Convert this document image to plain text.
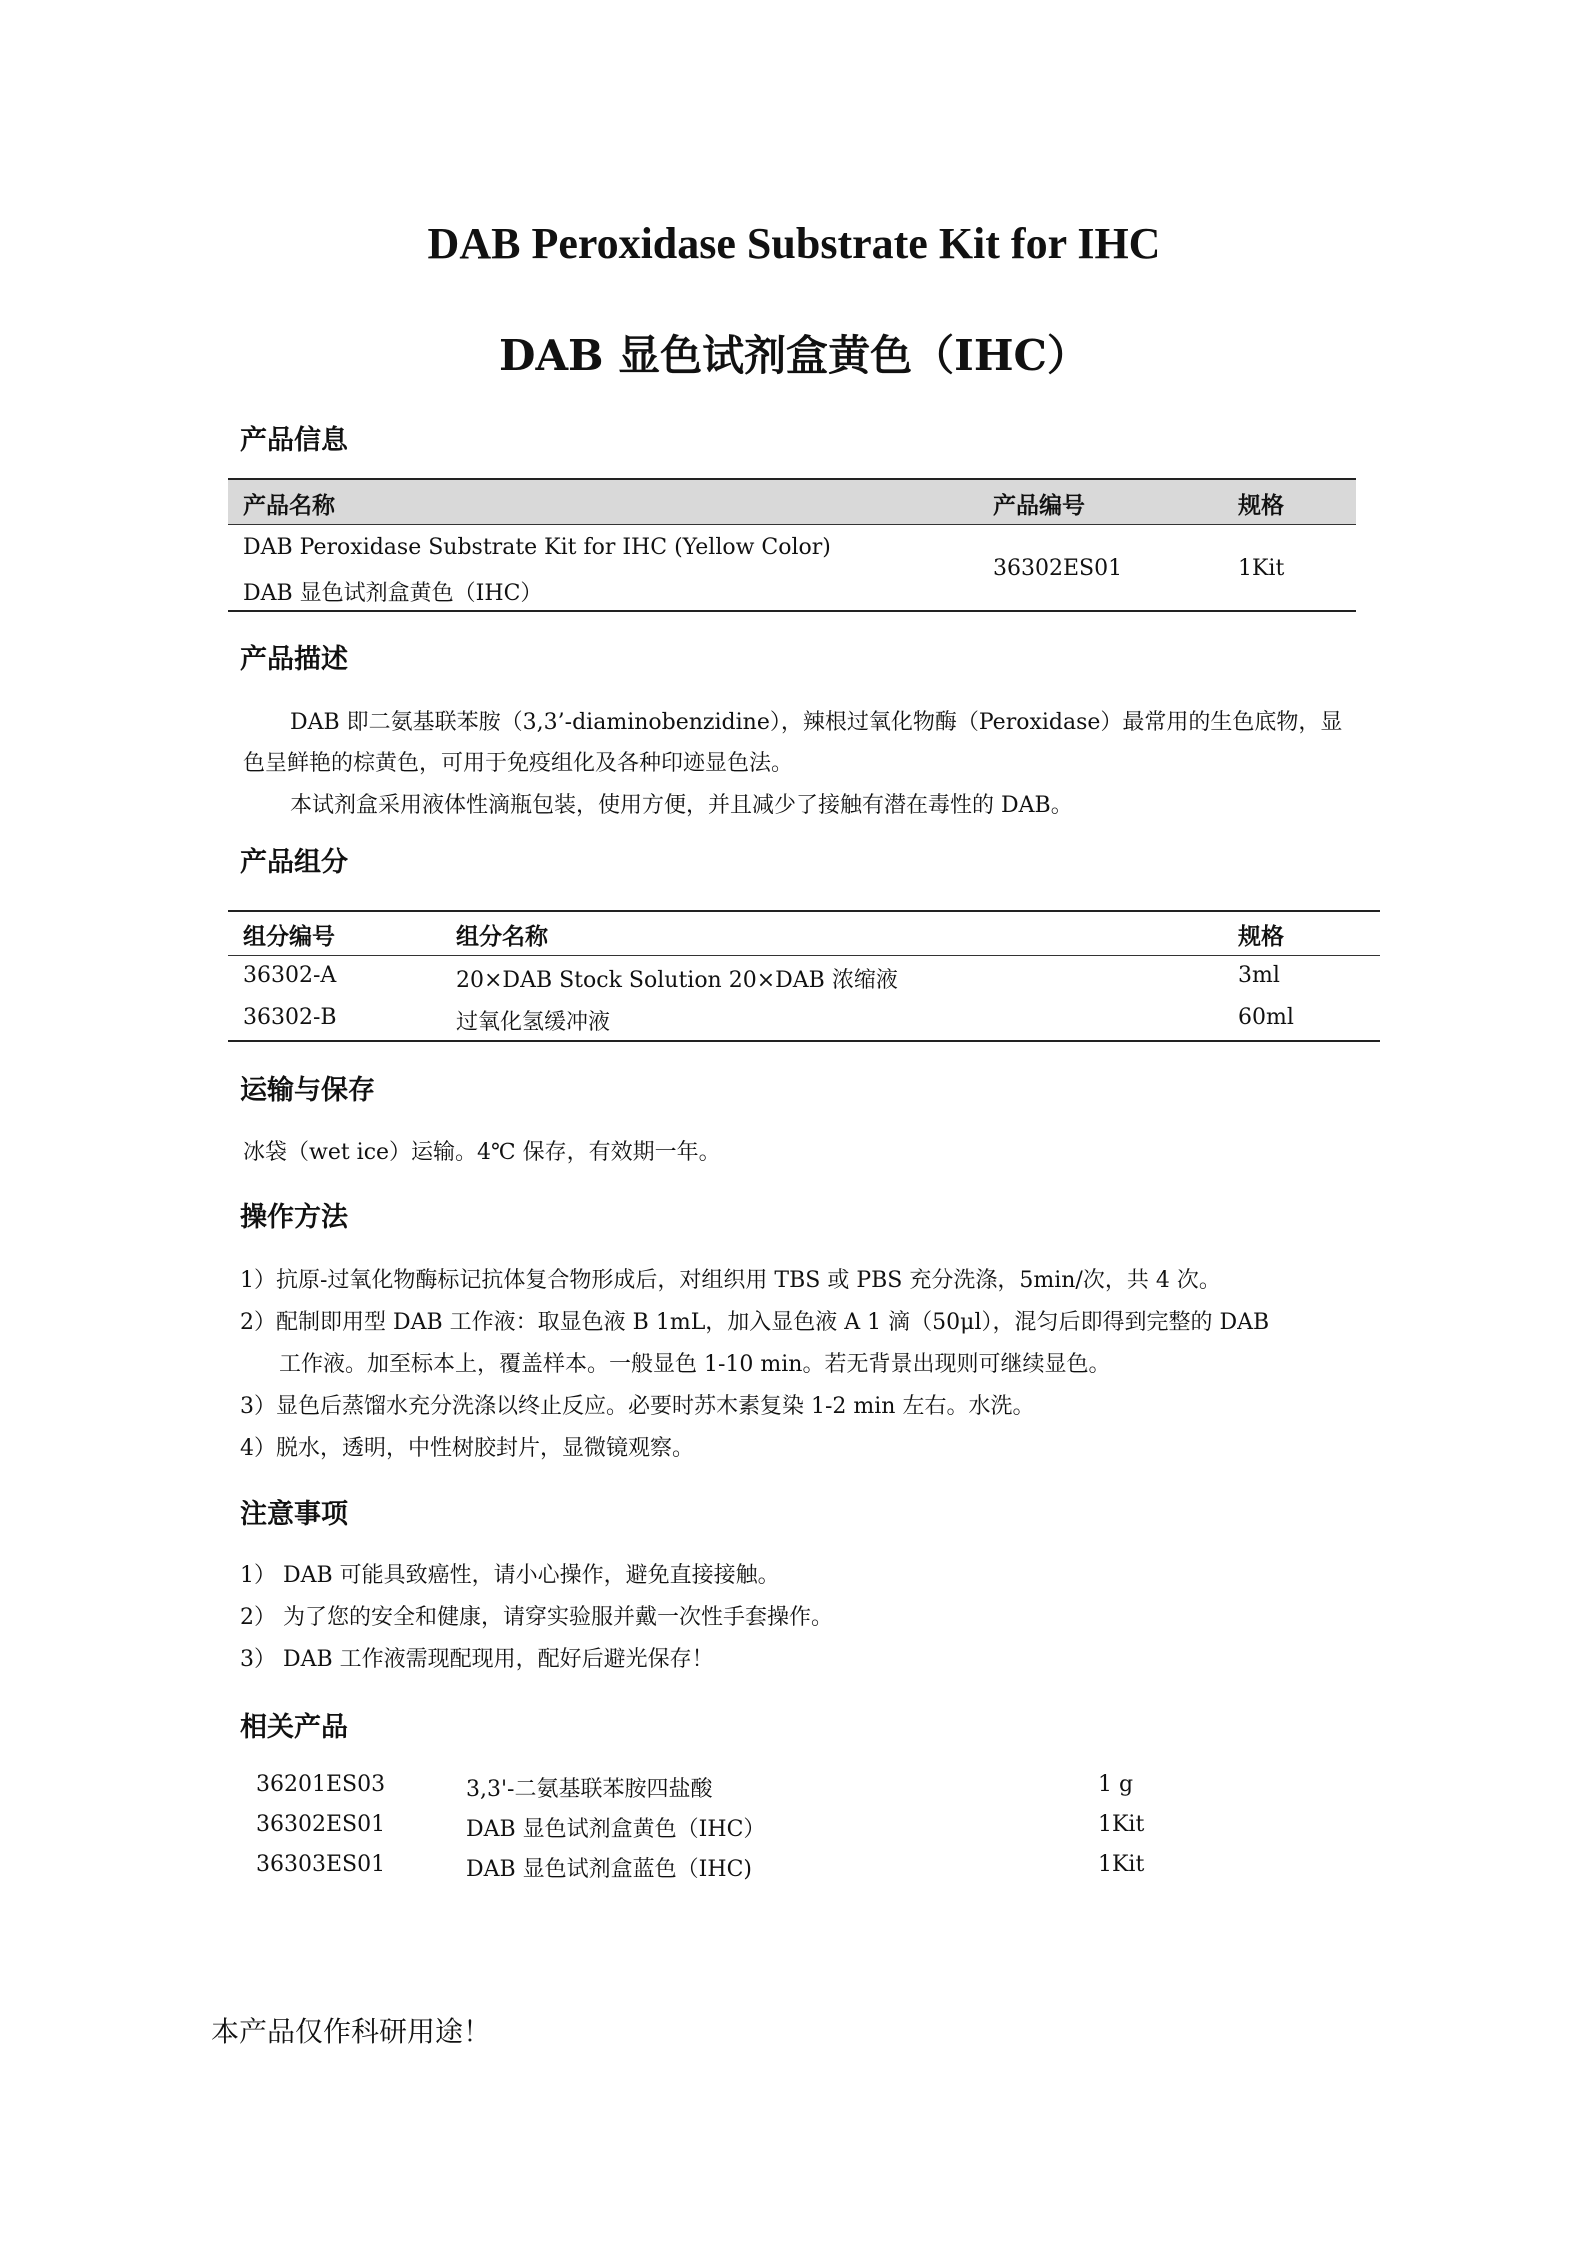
DAB Peroxidase Substrate Kit for IHC
DAB 显色试剂盒黄色（IHC）
产品信息
产品名称	产品编号	规格
DAB Peroxidase Substrate Kit for IHC (Yellow Color)
DAB 显色试剂盒黄色（IHC）
36302ES01	1Kit
产品描述
DAB 即二氨基联苯胺（3,3’-diaminobenzidine），辣根过氧化物酶（Peroxidase）最常用的生色底物，显
色呈鲜艳的棕黄色，可用于免疫组化及各种印迹显色法。
本试剂盒采用液体性滴瓶包装，使用方便，并且减少了接触有潜在毒性的 DAB。
产品组分
组分编号	组分名称	规格
36302-A	20×DAB Stock Solution 20×DAB 浓缩液	3ml
36302-B	过氧化氢缓冲液	60ml
运输与保存
冰袋（wet ice）运输。4℃ 保存，有效期一年。
操作方法
1）抗原-过氧化物酶标记抗体复合物形成后，对组织用 TBS 或 PBS 充分洗涤，5min/次，共 4 次。
2）配制即用型 DAB 工作液：取显色液 B 1mL，加入显色液 A 1 滴（50μl），混匀后即得到完整的 DAB
工作液。加至标本上，覆盖样本。一般显色 1-10 min。若无背景出现则可继续显色。
3）显色后蒸馏水充分洗涤以终止反应。必要时苏木素复染 1-2 min 左右。水洗。
4）脱水，透明，中性树胶封片，显微镜观察。
注意事项
1） DAB 可能具致癌性，请小心操作，避免直接接触。
2） 为了您的安全和健康，请穿实验服并戴一次性手套操作。
3） DAB 工作液需现配现用，配好后避光保存！
相关产品
36201ES03	3,3'-二氨基联苯胺四盐酸	1 g
36302ES01	DAB 显色试剂盒黄色（IHC）	1Kit
36303ES01	DAB 显色试剂盒蓝色（IHC)	1Kit
本产品仅作科研用途！
